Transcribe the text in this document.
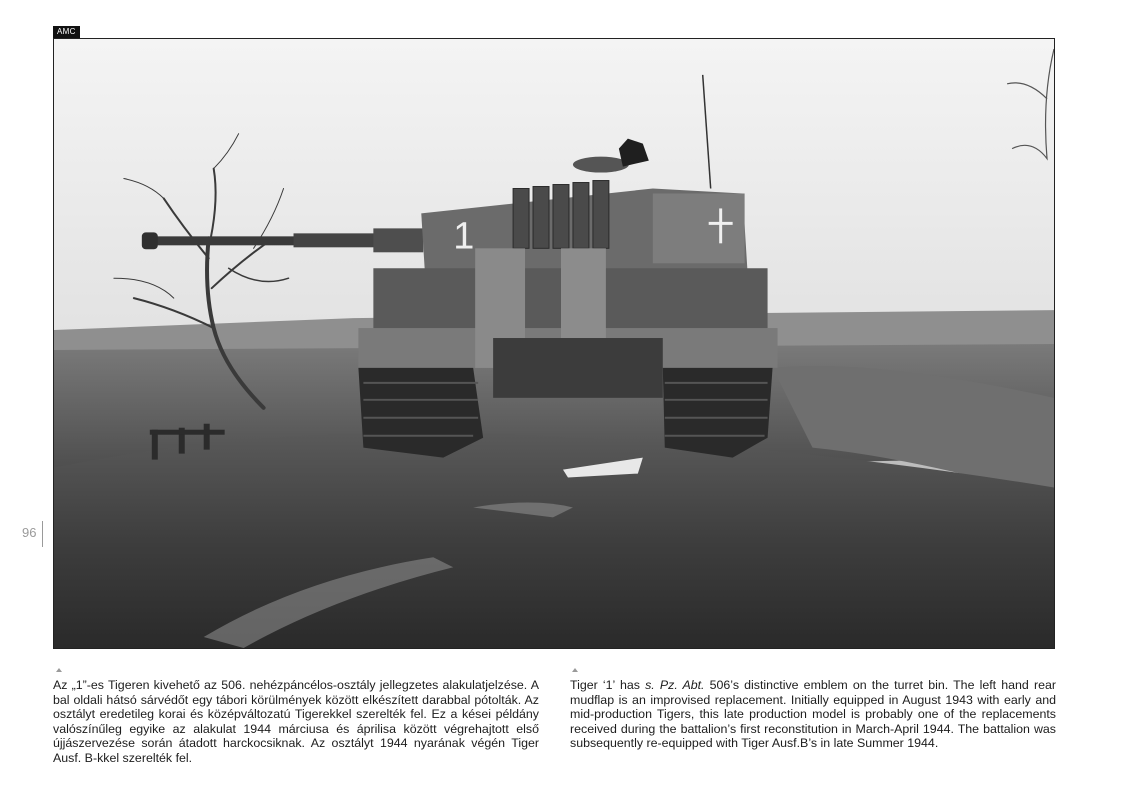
AMC
1
96
Az „1”-es Tigeren kivehető az 506. nehézpáncélos-osztály jellegzetes alakulatjelzése. A bal oldali hátsó sárvédőt egy tábori körülmények között elkészített darabbal pótolták. Az osztályt eredetileg korai és középváltozatú Tigerekkel szerelték fel. Ez a kései példány valószínűleg egyike az alakulat 1944 márciusa és áprilisa között végrehajtott első újjászervezése során átadott harckocsiknak. Az osztályt 1944 nyarának végén Tiger Ausf. B-kkel szerelték fel.
Tiger ‘1’ has s. Pz. Abt. 506’s distinctive emblem on the turret bin. The left hand rear mudflap is an improvised replacement. Initially equipped in August 1943 with early and mid-production Tigers, this late production model is probably one of the replacements received during the battalion’s first reconstitution in March-April 1944. The battalion was subsequently re-equipped with Tiger Ausf.B’s in late Summer 1944.
